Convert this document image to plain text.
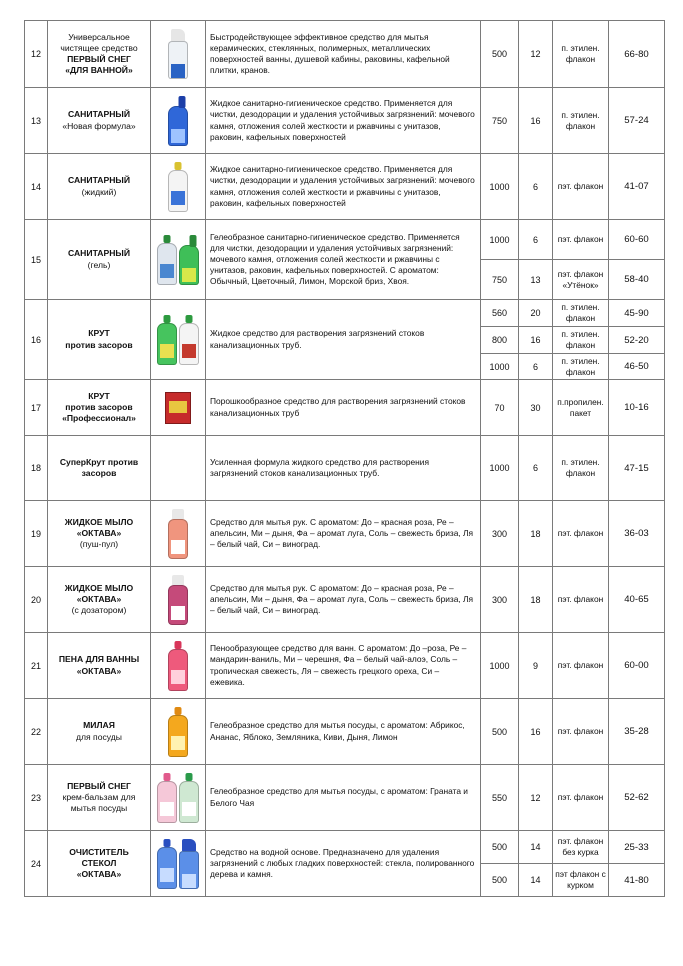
12	Универсальное
чистящее средство
ПЕРВЫЙ СНЕГ
«ДЛЯ ВАННОЙ»		Быстродействующее эффективное средство для мытья керамических, стеклянных, полимерных, металлических поверхностей ванны, душевой кабины, раковины, кафельной плитки, кранов.	500	12	п. этилен. флакон	66-80
13	САНИТАРНЫЙ
«Новая формула»		Жидкое санитарно-гигиеническое средство. Применяется для чистки, дезодорации и удаления устойчивых загрязнений: мочевого камня, отложения солей жесткости и ржавчины с унитазов, раковин, кафельных поверхностей	750	16	п. этилен. флакон	57-24
14	САНИТАРНЫЙ
(жидкий)		Жидкое санитарно-гигиеническое средство. Применяется для чистки, дезодорации и удаления устойчивых загрязнений: мочевого камня, отложения солей жесткости и ржавчины с унитазов, раковин, кафельных поверхностей	1000	6	пэт. флакон	41-07
15	САНИТАРНЫЙ
(гель)		Гелеобразное санитарно-гигиеническое средство. Применяется для чистки, дезодорации и удаления устойчивых загрязнений: мочевого камня, отложения солей жесткости и ржавчины с унитазов, раковин, кафельных поверхностей. С ароматом: Обычный, Цветочный, Лимон, Морской бриз, Хвоя.	1000	6	пэт. флакон	60-60
				750	13	пэт. флакон «Утёнок»	58-40
16	КРУТ
против засоров		Жидкое средство для растворения загрязнений стоков канализационных труб.	560	20	п. этилен. флакон	45-90
				800	16	п. этилен. флакон	52-20
				1000	6	п. этилен. флакон	46-50
17	КРУТ
против засоров
«Профессионал»		Порошкообразное средство для растворения загрязнений стоков канализационных труб	70	30	п.пропилен. пакет	10-16
18	СуперКрут против
засоров		Усиленная формула жидкого средство для растворения загрязнений стоков канализационных труб.	1000	6	п. этилен. флакон	47-15
19	ЖИДКОЕ МЫЛО
«ОКТАВА»
(пуш-пул)		Средство для мытья рук. С ароматом: До – красная роза, Ре – апельсин, Ми – дыня, Фа – аромат луга, Соль – свежесть бриза, Ля – белый чай, Си – виноград.	300	18	пэт. флакон	36-03
20	ЖИДКОЕ МЫЛО
«ОКТАВА»
(с дозатором)		Средство для мытья рук. С ароматом: До – красная роза, Ре – апельсин, Ми – дыня, Фа – аромат луга, Соль – свежесть бриза, Ля – белый чай, Си – виноград.	300	18	пэт. флакон	40-65
21	ПЕНА ДЛЯ ВАННЫ
«ОКТАВА»		Пенообразующее средство для ванн. С ароматом: До –роза, Ре – мандарин-ваниль, Ми – черешня, Фа – белый чай-алоэ, Соль – тропическая свежесть, Ля – свежесть грецкого ореха, Си – ежевика.	1000	9	пэт. флакон	60-00
22	МИЛАЯ
для посуды		Гелеобразное средство для мытья посуды, с ароматом: Абрикос, Ананас, Яблоко, Земляника, Киви, Дыня, Лимон	500	16	пэт. флакон	35-28
23	ПЕРВЫЙ СНЕГ
крем-бальзам для
мытья посуды		Гелеобразное средство для мытья посуды, с ароматом: Граната и Белого Чая	550	12	пэт. флакон	52-62
24	ОЧИСТИТЕЛЬ
СТЕКОЛ
«ОКТАВА»		Средство на водной основе. Предназначено для удаления загрязнений с любых гладких поверхностей: стекла, полированного дерева и камня.	500	14	пэт. флакон без курка	25-33
				500	14	пэт флакон с курком	41-80
